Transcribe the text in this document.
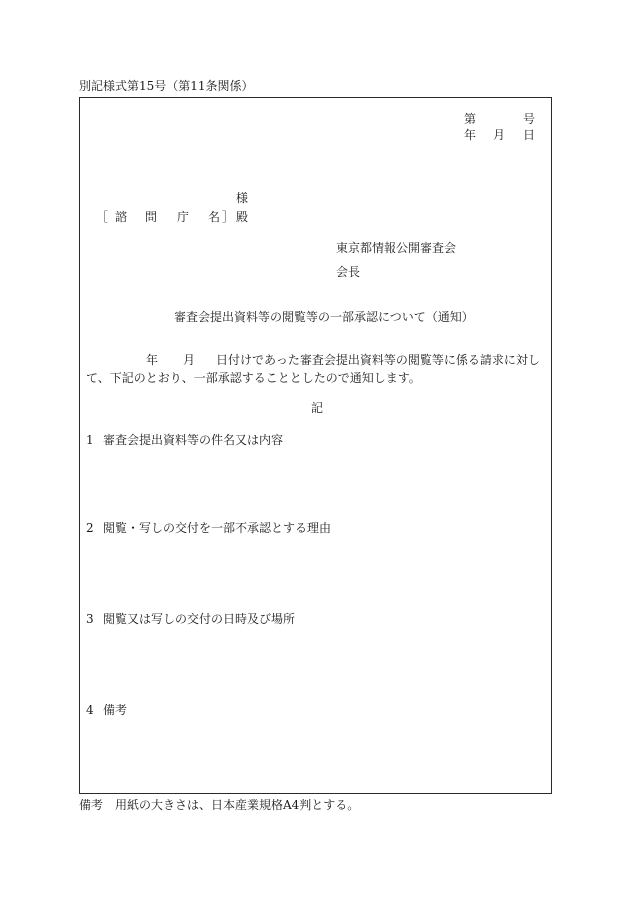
別記様式第15号（第11条関係）
第	号
年 月 日
様
［ 諮 問 庁 名 ］ 殿
東京都情報公開審査会
会長
審査会提出資料等の閲覧等の一部承認について（通知）
年 月 日付けであった審査会提出資料等の閲覧等に係る請求に対し
て、下記のとおり、一部承認することとしたので通知します。
記
1 審査会提出資料等の件名又は内容
2 閲覧・写しの交付を一部不承認とする理由
3 閲覧又は写しの交付の日時及び場所
4 備考
備考　用紙の大きさは、日本産業規格A4判とする。
